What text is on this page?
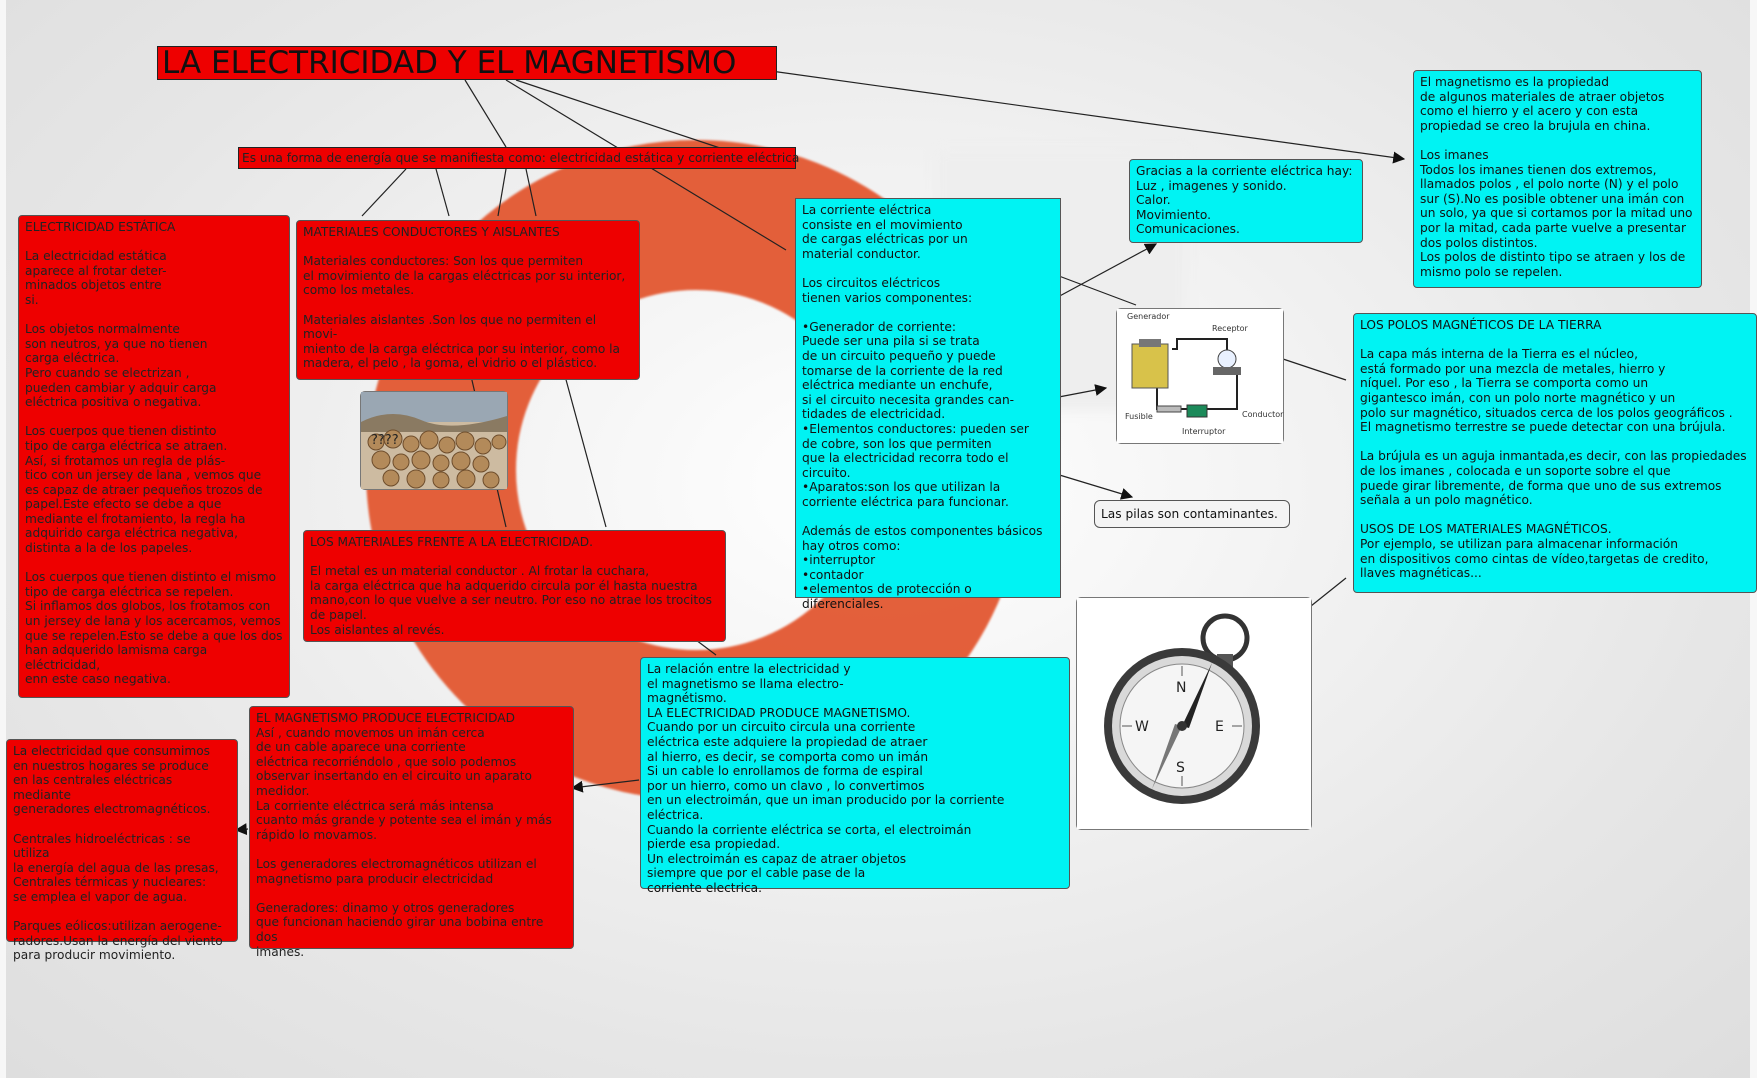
LA ELECTRICIDAD Y EL MAGNETISMO
Es una forma de energía que se manifiesta como: electricidad estática y corriente eléctrica
ELECTRICIDAD ESTÁTICA

La electricidad estática
aparece al frotar deter-
minados objetos entre
si.

Los objetos normalmente
son neutros, ya que no tienen
carga eléctrica.
Pero cuando se electrizan ,
pueden cambiar y adquir carga
eléctrica positiva o negativa.

Los cuerpos que tienen distinto
tipo de carga eléctrica se atraen.
Así, si frotamos un regla de plás-
tico con un jersey de lana , vemos que
es capaz de atraer pequeños trozos de
papel.Este efecto se debe a que
mediante el frotamiento, la regla ha
adquirido carga eléctrica negativa,
distinta a la de los papeles.

Los cuerpos que tienen distinto el mismo
tipo de carga eléctrica se repelen.
Si inflamos dos globos, los frotamos con
un jersey de lana y los acercamos, vemos
que se repelen.Esto se debe a que los dos
han adquerido lamisma carga eléctricidad,
enn este caso negativa.
MATERIALES CONDUCTORES Y AISLANTES

Materiales conductores: Son los que permiten
el movimiento de la cargas eléctricas por su interior,
como los metales.

Materiales aislantes .Son los que no permiten el movi-
miento de la carga eléctrica por su interior, como la
madera, el pelo , la goma, el vidrio o el plástico.
????
LOS MATERIALES FRENTE A LA ELECTRICIDAD.

El metal es un material conductor . Al frotar la cuchara,
la carga eléctrica que ha adquerido circula por él hasta nuestra
mano,con lo que vuelve a ser neutro. Por eso no atrae los trocitos
de papel.
Los aislantes al revés.
La corriente eléctrica
consiste en el movimiento
de cargas eléctricas por un
material conductor.

Los circuitos eléctricos
tienen varios componentes:

•Generador de corriente:
Puede ser una pila si se trata
de un circuito pequeño y puede
tomarse de la corriente de la red
eléctrica mediante un enchufe,
si el circuito necesita grandes can-
tidades de electricidad.
•Elementos conductores: pueden ser
de cobre, son los que permiten
que la electricidad recorra todo el
circuito.
•Aparatos:son los que utilizan la
corriente eléctrica para funcionar.

Además de estos componentes básicos
hay otros como:
•interruptor
•contador
•elementos de protección o diferenciales.
Gracias a la corriente eléctrica hay:
Luz , imagenes y sonido.
Calor.
Movimiento.
Comunicaciones.
Generador
Receptor
Fusible	Conductor
Interruptor
Las pilas son contaminantes.
El magnetismo es la propiedad
de algunos materiales de atraer objetos
como el hierro y el acero y con esta
propiedad se creo la brujula en china.

Los imanes
Todos los imanes tienen dos extremos,
llamados polos , el polo norte (N) y el polo
sur (S).No es posible obtener una imán con
un solo, ya que si cortamos por la mitad uno
por la mitad, cada parte vuelve a presentar
dos polos distintos.
Los polos de distinto tipo se atraen y los de
mismo polo se repelen.
LOS POLOS MAGNÉTICOS DE LA TIERRA

La capa más interna de la Tierra es el núcleo,
está formado por una mezcla de metales, hierro y
níquel. Por eso , la Tierra se comporta como un
gigantesco imán, con un polo norte magnético y un
polo sur magnético, situados cerca de los polos geográficos .
El magnetismo terrestre se puede detectar con una brújula.

La brújula es un aguja inmantada,es decir, con las propiedades
de los imanes , colocada e un soporte sobre el que
puede girar libremente, de forma que uno de sus extremos
señala a un polo magnético.

USOS DE LOS MATERIALES MAGNÉTICOS.
Por ejemplo, se utilizan para almacenar información
en dispositivos como cintas de vídeo,targetas de credito,
llaves magnéticas...
N
S
E
W
La relación entre la electricidad y
el magnetismo se llama electro-
magnétismo.
LA ELECTRICIDAD PRODUCE MAGNETISMO.
Cuando por un circuito circula una corriente
eléctrica este adquiere la propiedad de atraer
al hierro, es decir, se comporta como un imán
Si un cable lo enrollamos de forma de espiral
por un hierro, como un clavo , lo convertimos
en un electroimán, que un iman producido por la corriente eléctrica.
Cuando la corriente eléctrica se corta, el electroimán
pierde esa propiedad.
Un electroimán es capaz de atraer objetos
siempre que por el cable pase de la
corriente electrica.
EL MAGNETISMO PRODUCE ELECTRICIDAD
Así , cuando movemos un imán cerca
de un cable aparece una corriente
eléctrica recorriéndolo , que solo podemos
observar insertando en el circuito un aparato
medidor.
La corriente eléctrica será más intensa
cuanto más grande y potente sea el imán y más
rápido lo movamos.

Los generadores electromagnéticos utilizan el
magnetismo para producir electricidad

Generadores: dinamo y otros generadores
que funcionan haciendo girar una bobina entre dos
imanes.
La electricidad que consumimos
en nuestros hogares se produce
en las centrales eléctricas mediante
generadores electromagnéticos.

Centrales hidroeléctricas : se utiliza
la energía del agua de las presas,
Centrales térmicas y nucleares:
se emplea el vapor de agua.

Parques eólicos:utilizan aerogene-
radores.Usan la energía del viento
para producir movimiento.
